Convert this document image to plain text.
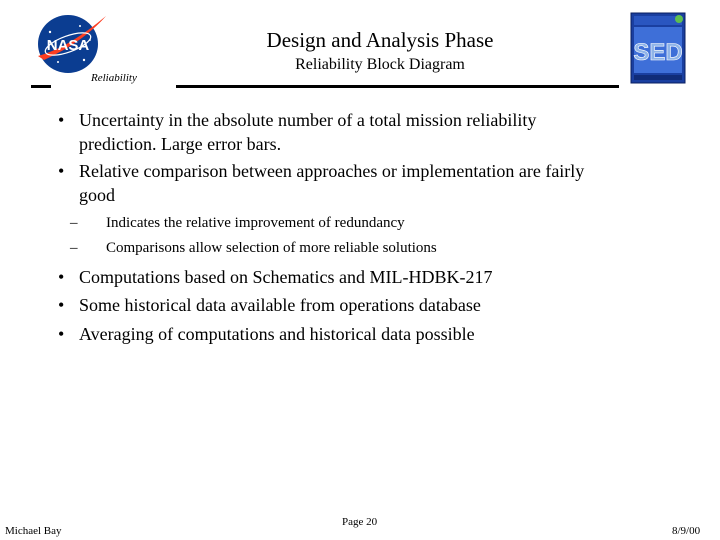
NASA	SED
Design and Analysis Phase
Reliability Block Diagram
Reliability
• Uncertainty in the absolute number of a total mission reliability
prediction. Large error bars.
• Relative comparison between approaches or implementation are fairly
good
– Indicates the relative improvement of redundancy
– Comparisons allow selection of more reliable solutions
• Computations based on Schematics and MIL-HDBK-217
• Some historical data available from operations database
• Averaging of computations and historical data possible
Michael Bay
Page 20
8/9/00
